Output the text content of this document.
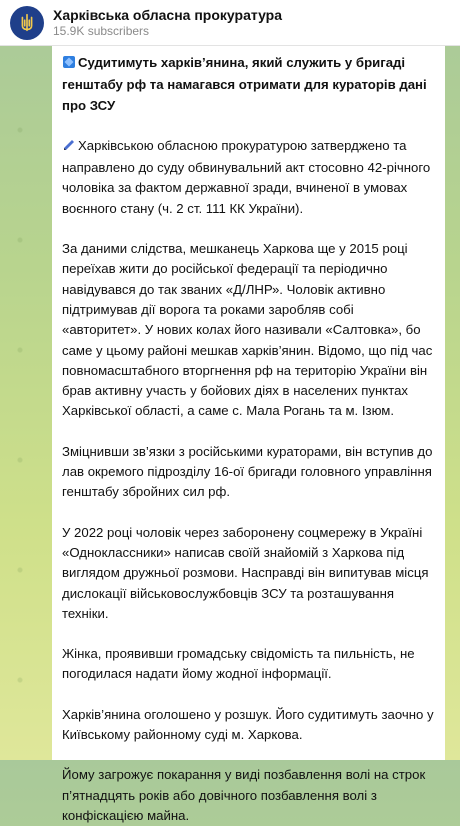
Харківська обласна прокуратура
15.9K subscribers

Судитимуть харків’янина, який служить у бригаді генштабу рф та намагався отримати для кураторів дані про ЗСУ

Харківською обласною прокуратурою затверджено та направлено до суду обвинувальний акт стосовно 42-річного чоловіка за фактом державної зради, вчиненої в умовах воєнного стану (ч. 2 ст. 111 КК України).

За даними слідства, мешканець Харкова ще у 2015 році переїхав жити до російської федерації та періодично навідувався до так званих «Д/ЛНР». Чоловік активно підтримував дії ворога та роками заробляв собі «авторитет». У нових колах його називали «Салтовка», бо саме у цьому районі мешкав харків’янин. Відомо, що під час повномасштабного вторгнення рф на територію України він брав активну участь у бойових діях в населених пунктах Харківської області, а саме с. Мала Рогань та м. Ізюм.

Зміцнивши зв’язки з російськими кураторами, він вступив до лав окремого підрозділу 16-ої бригади головного управління генштабу збройних сил рф.

У 2022 році чоловік через заборонену соцмережу в Україні «Одноклассники» написав своїй знайомій з Харкова під виглядом дружньої розмови. Насправді він випитував місця дислокації військовослужбовців ЗСУ та розташування техніки.

Жінка, проявивши громадську свідомість та пильність, не погодилася надати йому жодної інформації.

Харків’янина оголошено у розшук. Його судитимуть заочно у Київському районному суді м. Харкова.

Йому загрожує покарання у виді позбавлення волі на строк п’ятнадцять років або довічного позбавлення волі з конфіскацією майна.
